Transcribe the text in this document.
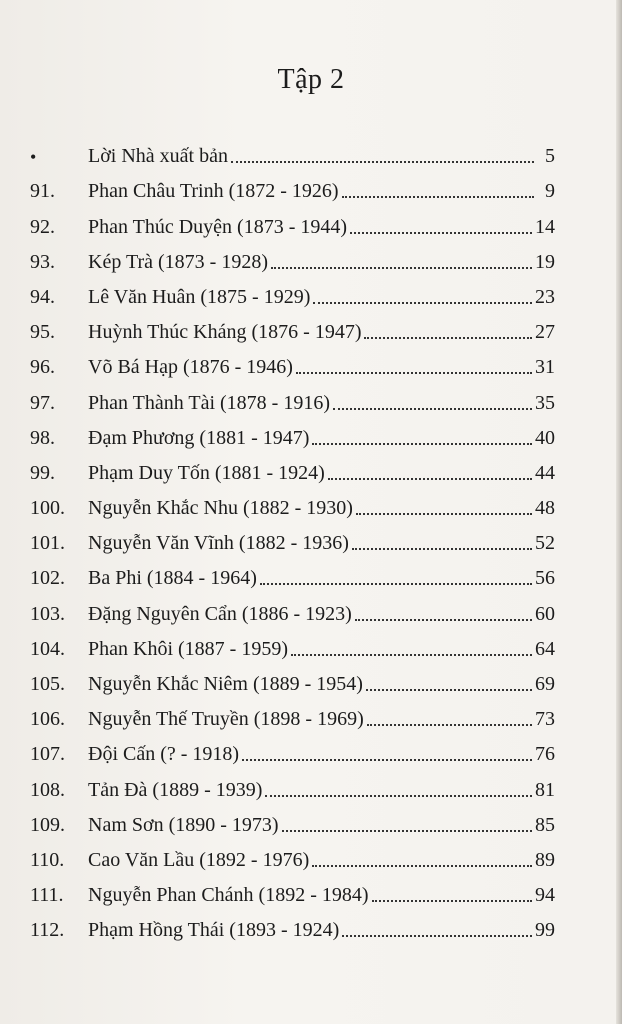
Tập 2
•	Lời Nhà xuất bản	5
91.	Phan Châu Trinh (1872 - 1926)	9
92.	Phan Thúc Duyện (1873 - 1944)	14
93.	Kép Trà (1873 - 1928)	19
94.	Lê Văn Huân (1875 - 1929)	23
95.	Huỳnh Thúc Kháng (1876 - 1947)	27
96.	Võ Bá Hạp (1876 - 1946)	31
97.	Phan Thành Tài (1878 - 1916)	35
98.	Đạm Phương (1881 - 1947)	40
99.	Phạm Duy Tốn (1881 - 1924)	44
100.	Nguyễn Khắc Nhu (1882 - 1930)	48
101.	Nguyễn Văn Vĩnh (1882 - 1936)	52
102.	Ba Phi (1884 - 1964)	56
103.	Đặng Nguyên Cẩn (1886 - 1923)	60
104.	Phan Khôi (1887 - 1959)	64
105.	Nguyễn Khắc Niêm (1889 - 1954)	69
106.	Nguyễn Thế Truyền (1898 - 1969)	73
107.	Đội Cấn (? - 1918)	76
108.	Tản Đà (1889 - 1939)	81
109.	Nam Sơn (1890 - 1973)	85
110.	Cao Văn Lầu (1892 - 1976)	89
111.	Nguyễn Phan Chánh (1892 - 1984)	94
112.	Phạm Hồng Thái (1893 - 1924)	99
